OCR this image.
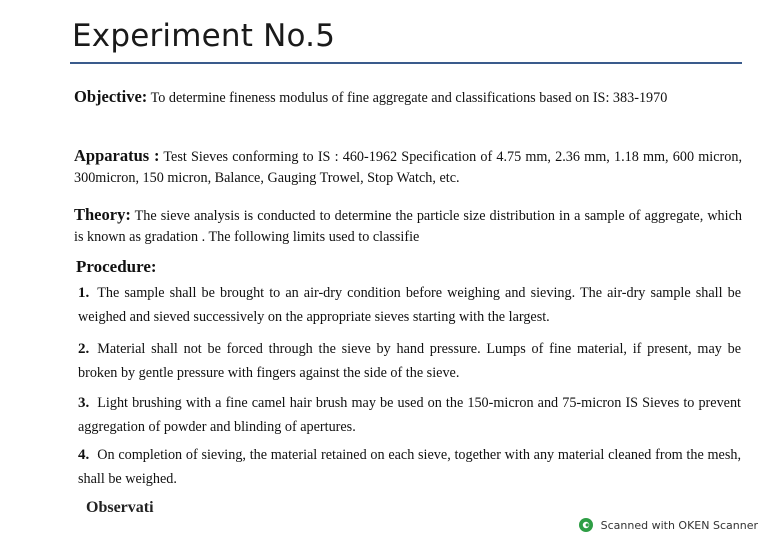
Experiment No.5
Objective: To determine fineness modulus of fine aggregate and classifications based on IS: 383-1970
Apparatus : Test Sieves conforming to IS : 460-1962 Specification of 4.75 mm, 2.36 mm, 1.18 mm, 600 micron, 300micron, 150 micron, Balance, Gauging Trowel, Stop Watch, etc.
Theory: The sieve analysis is conducted to determine the particle size distribution in a sample of aggregate, which is known as gradation . The following limits used to classifie
Procedure:
1. The sample shall be brought to an air-dry condition before weighing and sieving. The air-dry sample shall be weighed and sieved successively on the appropriate sieves starting with the largest.
2. Material shall not be forced through the sieve by hand pressure. Lumps of fine material, if present, may be broken by gentle pressure with fingers against the side of the sieve.
3. Light brushing with a fine camel hair brush may be used on the 150-micron and 75-micron IS Sieves to prevent aggregation of powder and blinding of apertures.
4. On completion of sieving, the material retained on each sieve, together with any material cleaned from the mesh, shall be weighed.
Observati
Scanned with OKEN Scanner
